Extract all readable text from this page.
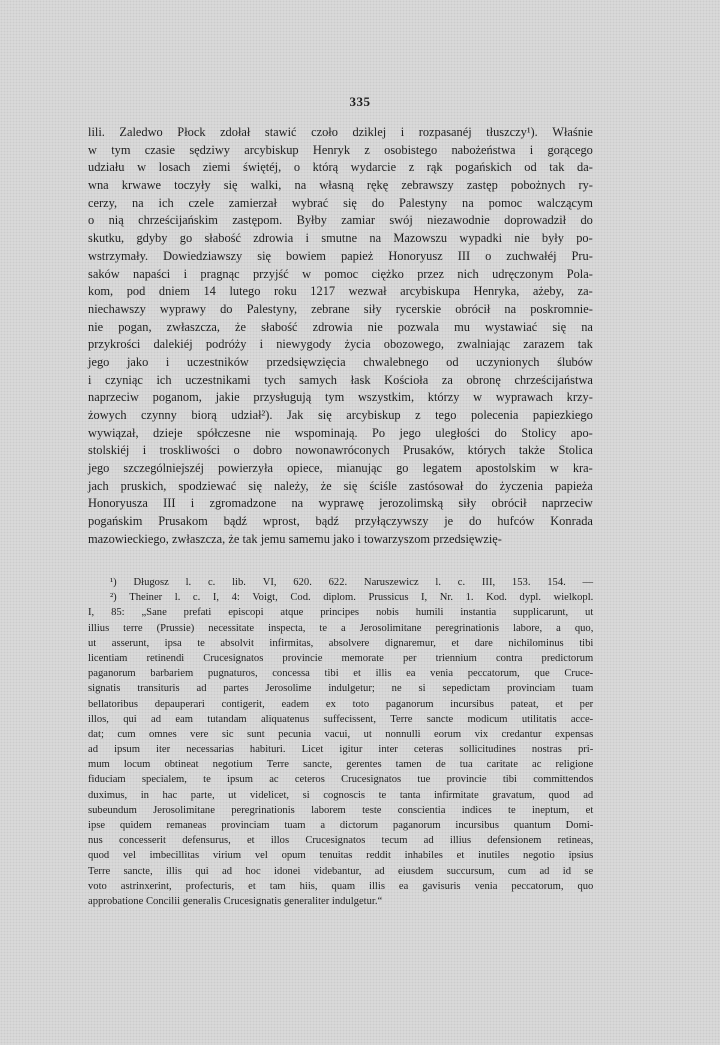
335
lili. Zaledwo Płock zdołał stawić czoło dziklej i rozpasanéj tłuszczy¹). Właśnie
w tym czasie sędziwy arcybiskup Henryk z osobistego nabożeństwa i gorącego
udziału w losach ziemi świętéj, o którą wydarcie z rąk pogańskich od tak da-
wna krwawe toczyły się walki, na własną rękę zebrawszy zastęp pobożnych ry-
cerzy, na ich czele zamierzał wybrać się do Palestyny na pomoc walczącym
o nią chrześcijańskim zastępom. Byłby zamiar swój niezawodnie doprowadził do
skutku, gdyby go słabość zdrowia i smutne na Mazowszu wypadki nie były po-
wstrzymały. Dowiedziawszy się bowiem papież Honoryusz III o zuchwałéj Pru-
saków napaści i pragnąc przyjść w pomoc ciężko przez nich udręczonym Pola-
kom, pod dniem 14 lutego roku 1217 wezwał arcybiskupa Henryka, ażeby, za-
niechawszy wyprawy do Palestyny, zebrane siły rycerskie obrócił na poskromnie-
nie pogan, zwłaszcza, że słabość zdrowia nie pozwala mu wystawiać się na
przykrości dalekiéj podróży i niewygody życia obozowego, zwalniając zarazem tak
jego jako i uczestników przedsięwzięcia chwalebnego od uczynionych ślubów
i czyniąc ich uczestnikami tych samych łask Kościoła za obronę chrześcijaństwa
naprzeciw poganom, jakie przysługują tym wszystkim, którzy w wyprawach krzy-
żowych czynny biorą udział²). Jak się arcybiskup z tego polecenia papiezkiego
wywiązał, dzieje spółczesne nie wspominają. Po jego uległości do Stolicy apo-
stolskiéj i troskliwości o dobro nowonawróconych Prusaków, których także Stolica
jego szczególniejszéj powierzyła opiece, mianując go legatem apostolskim w kra-
jach pruskich, spodziewać się należy, że się ściśle zastósował do życzenia papieża
Honoryusza III i zgromadzone na wyprawę jerozolimską siły obrócił naprzeciw
pogańskim Prusakom bądź wprost, bądź przyłączywszy je do hufców Konrada
mazowieckiego, zwłaszcza, że tak jemu samemu jako i towarzyszom przedsięwzię-
¹) Długosz l. c. lib. VI, 620. 622. Naruszewicz l. c. III, 153. 154. —
²) Theiner l. c. I, 4: Voigt, Cod. diplom. Prussicus I, Nr. 1. Kod. dypl. wielkopl.
I, 85: „Sane prefati episcopi atque principes nobis humili instantia supplicarunt, ut
illius terre (Prussie) necessitate inspecta, te a Jerosolimitane peregrinationis labore, a quo,
ut asserunt, ipsa te absolvit infirmitas, absolvere dignaremur, et dare nichilominus tibi
licentiam retinendi Crucesignatos provincie memorate per triennium contra predictorum
paganorum barbariem pugnaturos, concessa tibi et illis ea venia peccatorum, que Cruce-
signatis transituris ad partes Jerosolime indulgetur; ne si sepedictam provinciam tuam
bellatoribus depauperari contigerit, eadem ex toto paganorum incursibus pateat, et per
illos, qui ad eam tutandam aliquatenus suffecissent, Terre sancte modicum utilitatis acce-
dat; cum omnes vere sic sunt pecunia vacui, ut nonnulli eorum vix credantur expensas
ad ipsum iter necessarias habituri. Licet igitur inter ceteras sollicitudines nostras pri-
mum locum obtineat negotium Terre sancte, gerentes tamen de tua caritate ac religione
fiduciam specialem, te ipsum ac ceteros Crucesignatos tue provincie tibi committendos
duximus, in hac parte, ut videlicet, si cognoscis te tanta infirmitate gravatum, quod ad
subeundum Jerosolimitane peregrinationis laborem teste conscientia indices te ineptum, et
ipse quidem remaneas provinciam tuam a dictorum paganorum incursibus quantum Domi-
nus concesserit defensurus, et illos Crucesignatos tecum ad illius defensionem retineas,
quod vel imbecillitas virium vel opum tenuitas reddit inhabiles et inutiles negotio ipsius
Terre sancte, illis qui ad hoc idonei videbantur, ad eiusdem succursum, cum ad id se
voto astrinxerint, profecturis, et tam hiis, quam illis ea gavisuris venia peccatorum, quo
approbatione Concilii generalis Crucesignatis generaliter indulgetur.“
